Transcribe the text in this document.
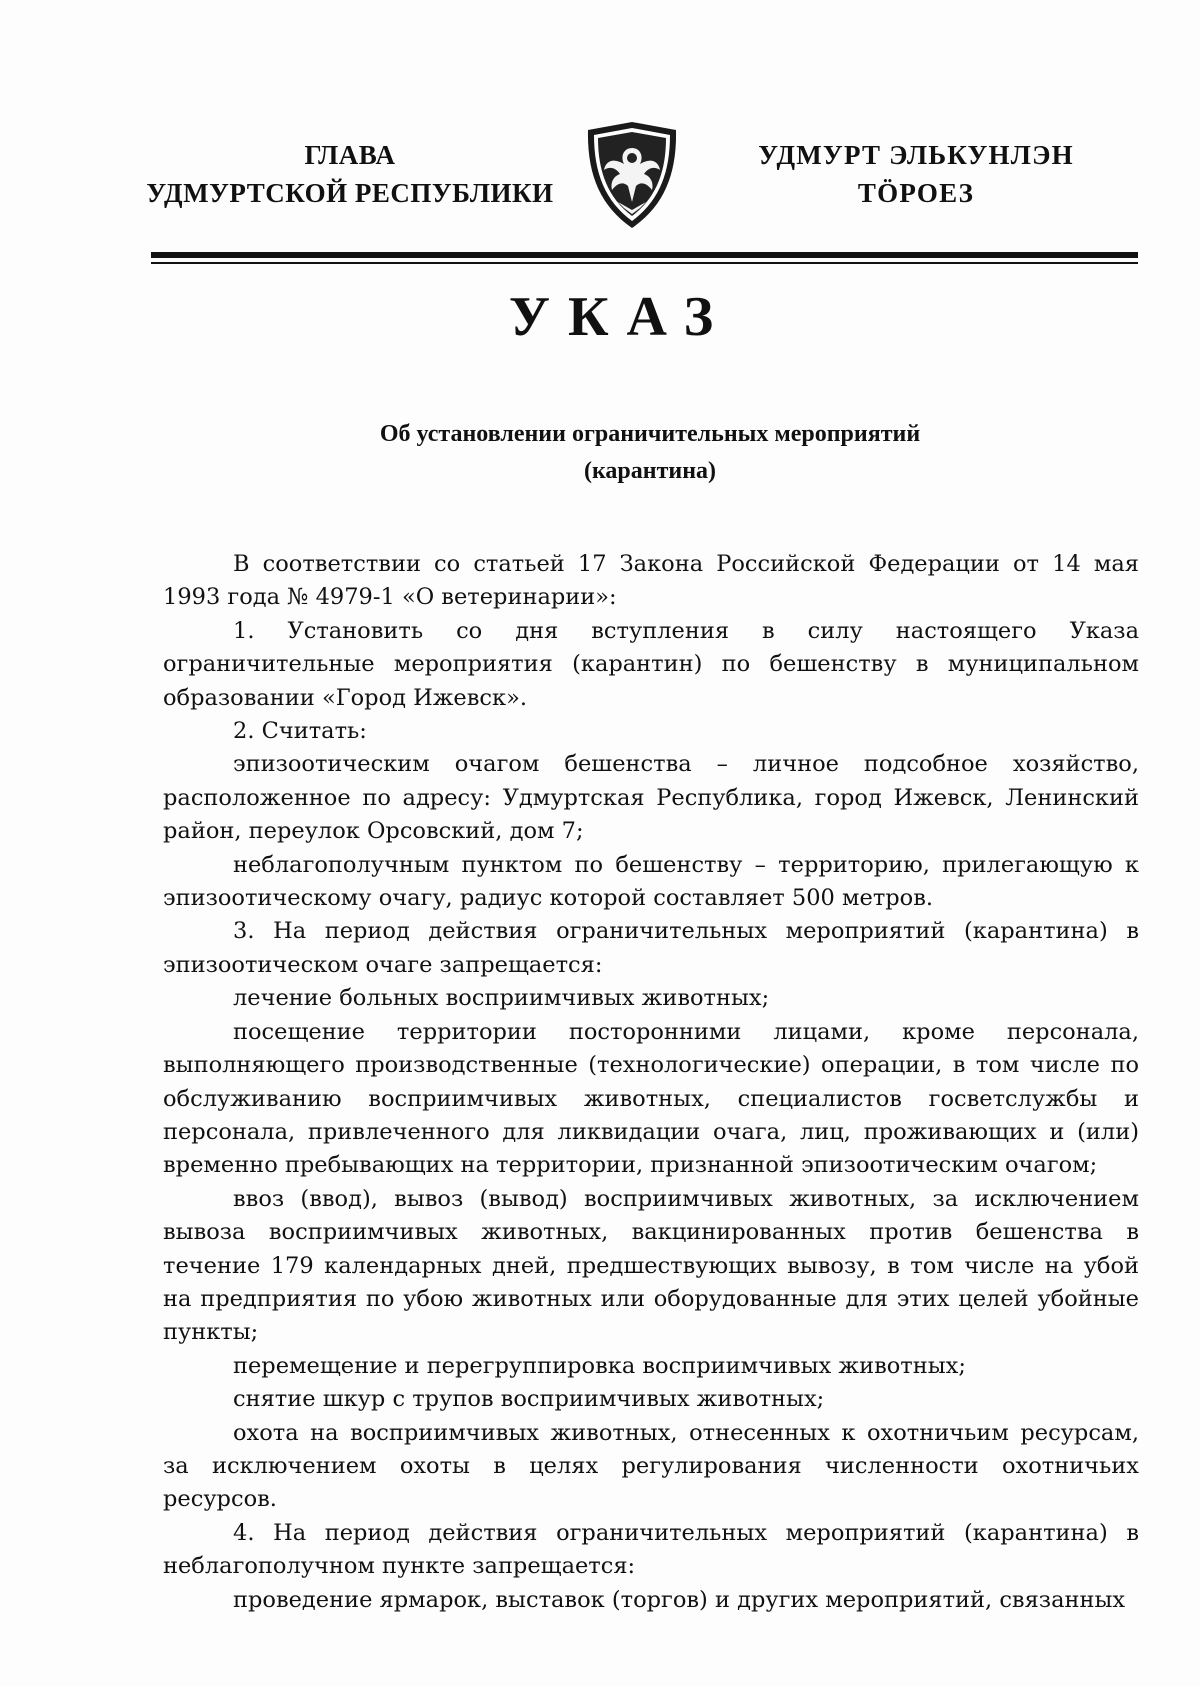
ГЛАВА
УДМУРТСКОЙ РЕСПУБЛИКИ
УДМУРТ ЭЛЬКУНЛЭН
ТӦРОЕЗ
УКАЗ
Об установлении ограничительных мероприятий
(карантина)

В соответствии со статьей 17 Закона Российской Федерации от 14 мая 1993 года № 4979-1 «О ветеринарии»:

1. Установить со дня вступления в силу настоящего Указа ограничительные мероприятия (карантин) по бешенству в муниципальном образовании «Город Ижевск».

2. Считать:

эпизоотическим очагом бешенства – личное подсобное хозяйство, расположенное по адресу: Удмуртская Республика, город Ижевск, Ленинский район, переулок Орсовский, дом 7;

неблагополучным пунктом по бешенству – территорию, прилегающую к эпизоотическому очагу, радиус которой составляет 500 метров.

3. На период действия ограничительных мероприятий (карантина) в эпизоотическом очаге запрещается:

лечение больных восприимчивых животных;

посещение территории посторонними лицами, кроме персонала, выполняющего производственные (технологические) операции, в том числе по обслуживанию восприимчивых животных, специалистов госветслужбы и персонала, привлеченного для ликвидации очага, лиц, проживающих и (или) временно пребывающих на территории, признанной эпизоотическим очагом;

ввоз (ввод), вывоз (вывод) восприимчивых животных, за исключением вывоза восприимчивых животных, вакцинированных против бешенства в течение 179 календарных дней, предшествующих вывозу, в том числе на убой на предприятия по убою животных или оборудованные для этих целей убойные пункты;

перемещение и перегруппировка восприимчивых животных;

снятие шкур с трупов восприимчивых животных;

охота на восприимчивых животных, отнесенных к охотничьим ресурсам, за исключением охоты в целях регулирования численности охотничьих ресурсов.

4. На период действия ограничительных мероприятий (карантина) в неблагополучном пункте запрещается:

проведение ярмарок, выставок (торгов) и других мероприятий, связанных
